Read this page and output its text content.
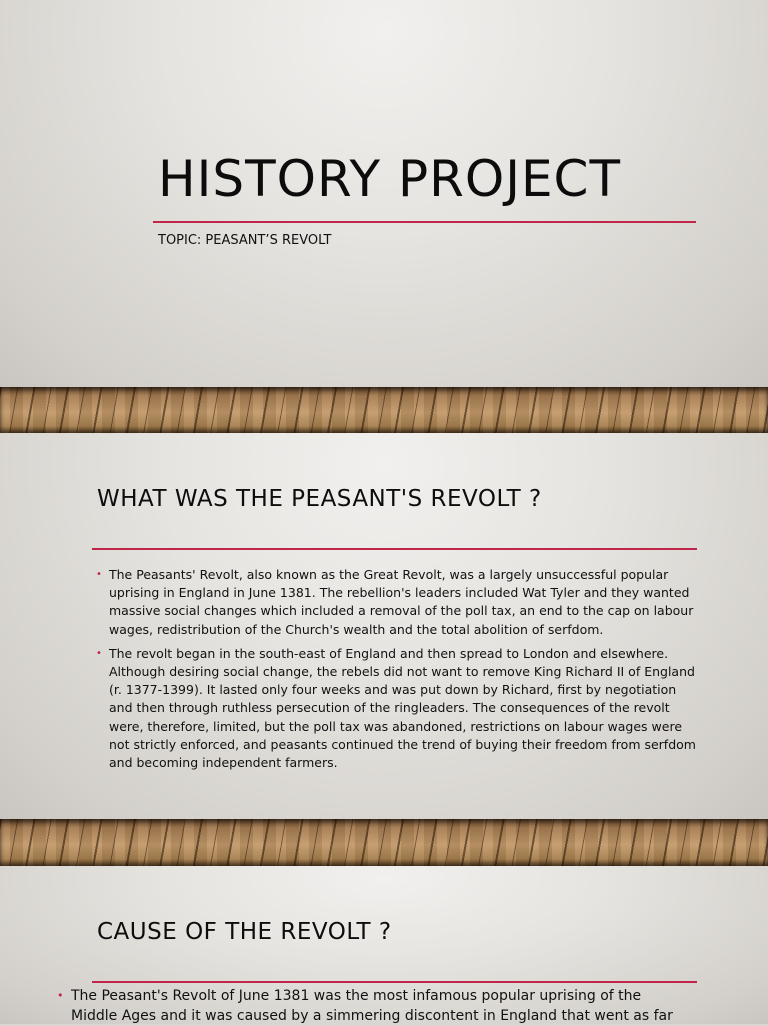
HISTORY PROJECT
TOPIC: PEASANT’S REVOLT
WHAT WAS THE PEASANT'S REVOLT ?
• The Peasants' Revolt, also known as the Great Revolt, was a largely unsuccessful popular uprising in England in June 1381. The rebellion's leaders included Wat Tyler and they wanted massive social changes which included a removal of the poll tax, an end to the cap on labour wages, redistribution of the Church's wealth and the total abolition of serfdom.
• The revolt began in the south-east of England and then spread to London and elsewhere. Although desiring social change, the rebels did not want to remove King Richard II of England (r. 1377-1399). It lasted only four weeks and was put down by Richard, first by negotiation and then through ruthless persecution of the ringleaders. The consequences of the revolt were, therefore, limited, but the poll tax was abandoned, restrictions on labour wages were not strictly enforced, and peasants continued the trend of buying their freedom from serfdom and becoming independent farmers.
CAUSE OF THE REVOLT ?
• The Peasant's Revolt of June 1381 was the most infamous popular uprising of the Middle Ages and it was caused by a simmering discontent in England that went as far
